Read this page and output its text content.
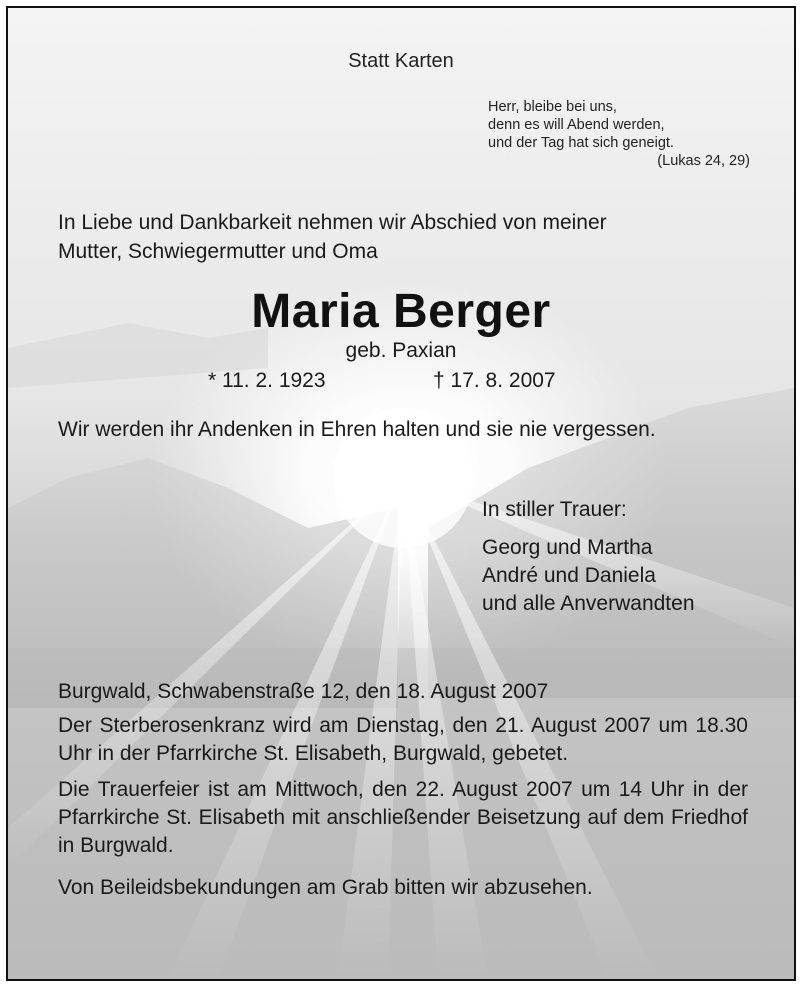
Statt Karten
Herr, bleibe bei uns,
denn es will Abend werden,
und der Tag hat sich geneigt.
(Lukas 24, 29)
In Liebe und Dankbarkeit nehmen wir Abschied von meiner
Mutter, Schwiegermutter und Oma
Maria Berger
geb. Paxian
* 11. 2. 1923	† 17. 8. 2007
Wir werden ihr Andenken in Ehren halten und sie nie vergessen.
In stiller Trauer:
Georg und Martha
André und Daniela
und alle Anverwandten

Burgwald, Schwabenstraße 12, den 18. August 2007

Der Sterberosenkranz wird am Dienstag, den 21. August 2007 um 18.30 Uhr in der Pfarrkirche St. Elisabeth, Burgwald, gebetet.

Die Trauerfeier ist am Mittwoch, den 22. August 2007 um 14 Uhr in der Pfarrkirche St. Elisabeth mit anschließender Beisetzung auf dem Friedhof in Burgwald.

Von Beileidsbekundungen am Grab bitten wir abzusehen.
